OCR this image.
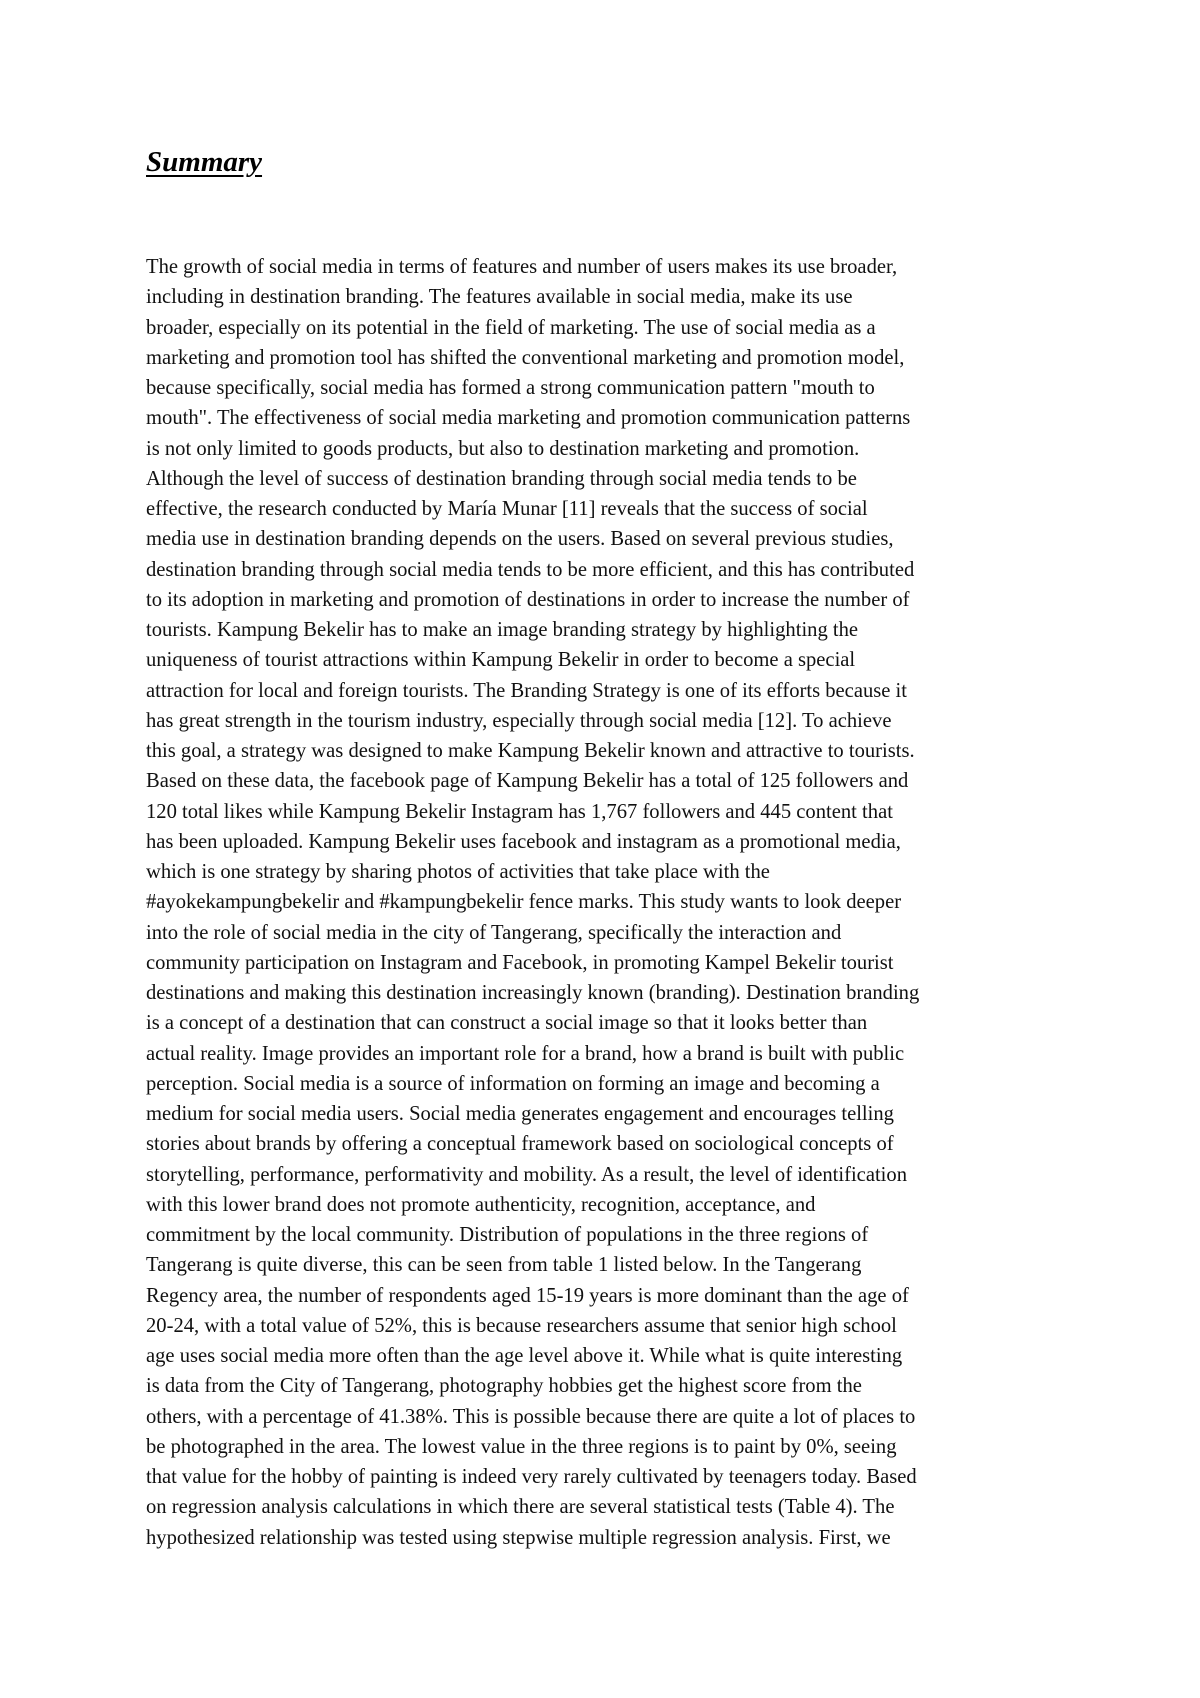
Summary
The growth of social media in terms of features and number of users makes its use broader,
including in destination branding. The features available in social media, make its use
broader, especially on its potential in the field of marketing. The use of social media as a
marketing and promotion tool has shifted the conventional marketing and promotion model,
because specifically, social media has formed a strong communication pattern "mouth to
mouth". The effectiveness of social media marketing and promotion communication patterns
is not only limited to goods products, but also to destination marketing and promotion.
Although the level of success of destination branding through social media tends to be
effective, the research conducted by María Munar [11] reveals that the success of social
media use in destination branding depends on the users. Based on several previous studies,
destination branding through social media tends to be more efficient, and this has contributed
to its adoption in marketing and promotion of destinations in order to increase the number of
tourists. Kampung Bekelir has to make an image branding strategy by highlighting the
uniqueness of tourist attractions within Kampung Bekelir in order to become a special
attraction for local and foreign tourists. The Branding Strategy is one of its efforts because it
has great strength in the tourism industry, especially through social media [12]. To achieve
this goal, a strategy was designed to make Kampung Bekelir known and attractive to tourists.
Based on these data, the facebook page of Kampung Bekelir has a total of 125 followers and
120 total likes while Kampung Bekelir Instagram has 1,767 followers and 445 content that
has been uploaded. Kampung Bekelir uses facebook and instagram as a promotional media,
which is one strategy by sharing photos of activities that take place with the
#ayokekampungbekelir and #kampungbekelir fence marks. This study wants to look deeper
into the role of social media in the city of Tangerang, specifically the interaction and
community participation on Instagram and Facebook, in promoting Kampel Bekelir tourist
destinations and making this destination increasingly known (branding). Destination branding
is a concept of a destination that can construct a social image so that it looks better than
actual reality. Image provides an important role for a brand, how a brand is built with public
perception. Social media is a source of information on forming an image and becoming a
medium for social media users. Social media generates engagement and encourages telling
stories about brands by offering a conceptual framework based on sociological concepts of
storytelling, performance, performativity and mobility. As a result, the level of identification
with this lower brand does not promote authenticity, recognition, acceptance, and
commitment by the local community. Distribution of populations in the three regions of
Tangerang is quite diverse, this can be seen from table 1 listed below. In the Tangerang
Regency area, the number of respondents aged 15-19 years is more dominant than the age of
20-24, with a total value of 52%, this is because researchers assume that senior high school
age uses social media more often than the age level above it. While what is quite interesting
is data from the City of Tangerang, photography hobbies get the highest score from the
others, with a percentage of 41.38%. This is possible because there are quite a lot of places to
be photographed in the area. The lowest value in the three regions is to paint by 0%, seeing
that value for the hobby of painting is indeed very rarely cultivated by teenagers today. Based
on regression analysis calculations in which there are several statistical tests (Table 4). The
hypothesized relationship was tested using stepwise multiple regression analysis. First, we
